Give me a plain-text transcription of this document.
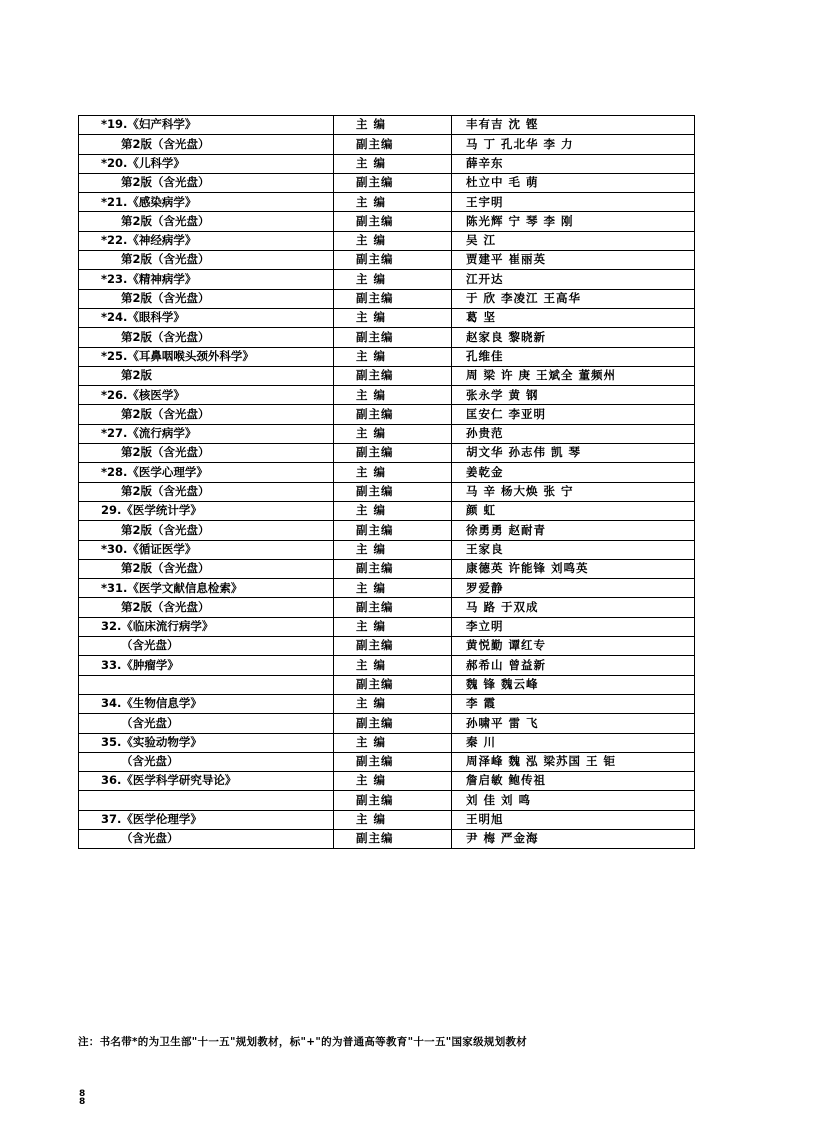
*19.《妇产科学》	主 编	丰有吉 沈 铿
第2版（含光盘）	副主编	马 丁 孔北华 李 力
*20.《儿科学》	主 编	薛辛东
第2版（含光盘）	副主编	杜立中 毛 萌
*21.《感染病学》	主 编	王宇明
第2版（含光盘）	副主编	陈光辉 宁 琴 李 刚
*22.《神经病学》	主 编	吴 江
第2版（含光盘）	副主编	贾建平 崔丽英
*23.《精神病学》	主 编	江开达
第2版（含光盘）	副主编	于 欣 李凌江 王高华
*24.《眼科学》	主 编	葛 坚
第2版（含光盘）	副主编	赵家良 黎晓新
*25.《耳鼻咽喉头颈外科学》	主 编	孔维佳
第2版	副主编	周 梁 许 庚 王斌全 董频州
*26.《核医学》	主 编	张永学 黄 钢
第2版（含光盘）	副主编	匡安仁 李亚明
*27.《流行病学》	主 编	孙贵范
第2版（含光盘）	副主编	胡文华 孙志伟 凯 琴
*28.《医学心理学》	主 编	姜乾金
第2版（含光盘）	副主编	马 辛 杨大焕 张 宁
29.《医学统计学》	主 编	颜 虹
第2版（含光盘）	副主编	徐勇勇 赵耐青
*30.《循证医学》	主 编	王家良
第2版（含光盘）	副主编	康德英 许能锋 刘鸣英
*31.《医学文献信息检索》	主 编	罗爱静
第2版（含光盘）	副主编	马 路 于双成
32.《临床流行病学》	主 编	李立明
（含光盘）	副主编	黄悦勤 谭红专
33.《肿瘤学》	主 编	郝希山 曾益新
	副主编	魏 锋 魏云峰
34.《生物信息学》	主 编	李 霞
（含光盘）	副主编	孙啸平 雷 飞
35.《实验动物学》	主 编	秦 川
（含光盘）	副主编	周泽峰 魏 泓 梁苏国 王 钜
36.《医学科学研究导论》	主 编	詹启敏 鲍传祖
	副主编	刘 佳 刘 鸣
37.《医学伦理学》	主 编	王明旭
（含光盘）	副主编	尹 梅 严金海
注：书名带*的为卫生部"十一五"规划教材，标"+"的为普通高等教育"十一五"国家级规划教材
8
8
